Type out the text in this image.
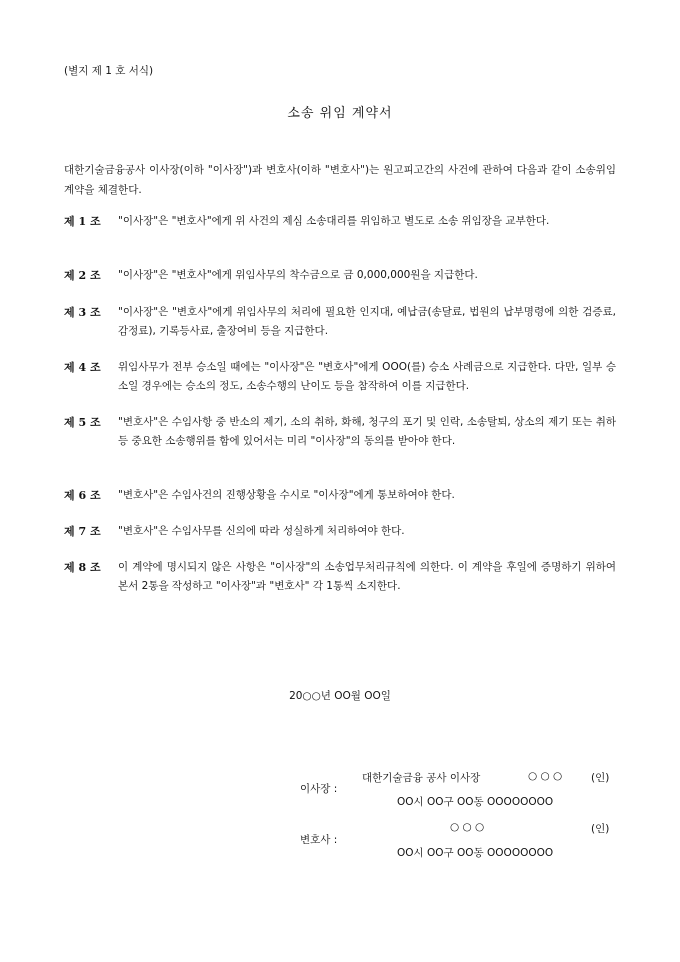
(별지 제 1 호 서식)
소송 위임 계약서
대한기술금융공사 이사장(이하 "이사장")과 변호사(이하 "변호사")는 원고피고간의 사건에 관하여 다음과 같이 소송위임계약을 체결한다.
제 1 조	"이사장"은 "변호사"에게 위 사건의 제심 소송대리를 위임하고 별도로 소송 위임장을 교부한다.
제 2 조	"이사장"은 "변호사"에게 위임사무의 착수금으로 금 0,000,000원을 지급한다.
제 3 조	"이사장"은 "변호사"에게 위임사무의 처리에 필요한 인지대, 예납금(송달료, 법원의 납부명령에 의한 검증료, 감정료), 기록등사료, 출장여비 등을 지급한다.
제 4 조	위임사무가 전부 승소일 때에는 "이사장"은 "변호사"에게 OOO(를) 승소 사례금으로 지급한다. 다만, 일부 승소일 경우에는 승소의 정도, 소송수행의 난이도 등을 참작하여 이를 지급한다.
제 5 조	"변호사"은 수임사항 중 반소의 제기, 소의 취하, 화해, 청구의 포기 및 인락, 소송탈퇴, 상소의 제기 또는 취하 등 중요한 소송행위를 함에 있어서는 미리 "이사장"의 동의를 받아야 한다.
제 6 조	"변호사"은 수임사건의 진행상황을 수시로 "이사장"에게 통보하여야 한다.
제 7 조	"변호사"은 수임사무를 신의에 따라 성실하게 처리하여야 한다.
제 8 조	이 계약에 명시되지 않은 사항은 "이사장"의 소송업무처리규칙에 의한다. 이 계약을 후일에 증명하기 위하여 본서 2통을 작성하고 "이사장"과 "변호사" 각 1통씩 소지한다.
20○○년 OO월 OO일
이사장 :
대한기술금융 공사 이사장	○ ○ ○	(인)
OO시 OO구 OO동 OOOOOOOO
변호사 :
○ ○ ○	(인)
OO시 OO구 OO동 OOOOOOOO
